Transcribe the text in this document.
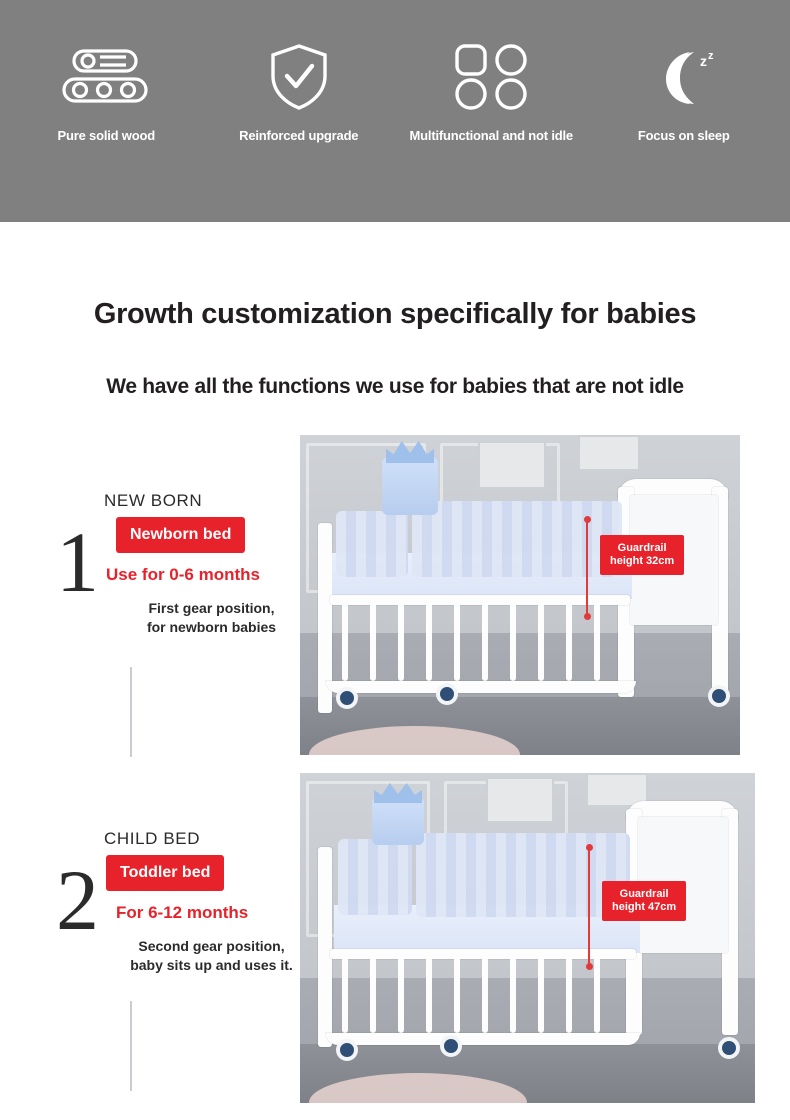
Pure solid wood	Reinforced upgrade	Multifunctional and not idle
z z
Focus on sleep
Growth customization specifically for babies
We have all the functions we use for babies that are not idle
1
NEW BORN
Newborn bed
Use for 0-6 months
First gear position,
for newborn babies
Guardrail
height 32cm
2
CHILD BED
Toddler bed
For 6-12 months
Second gear position,
baby sits up and uses it.
Guardrail
height 47cm
